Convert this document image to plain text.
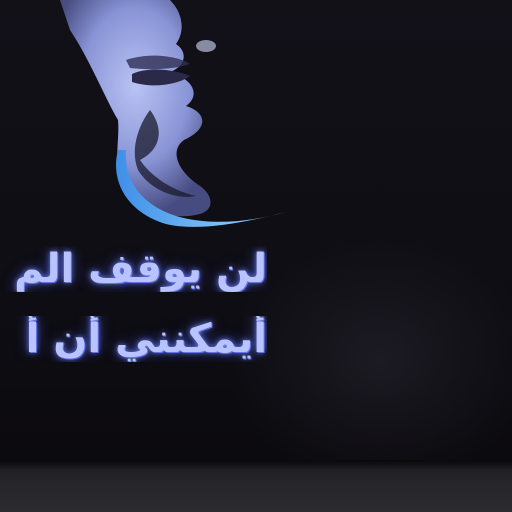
لن يوقف الم
أيمكنني أن أ
